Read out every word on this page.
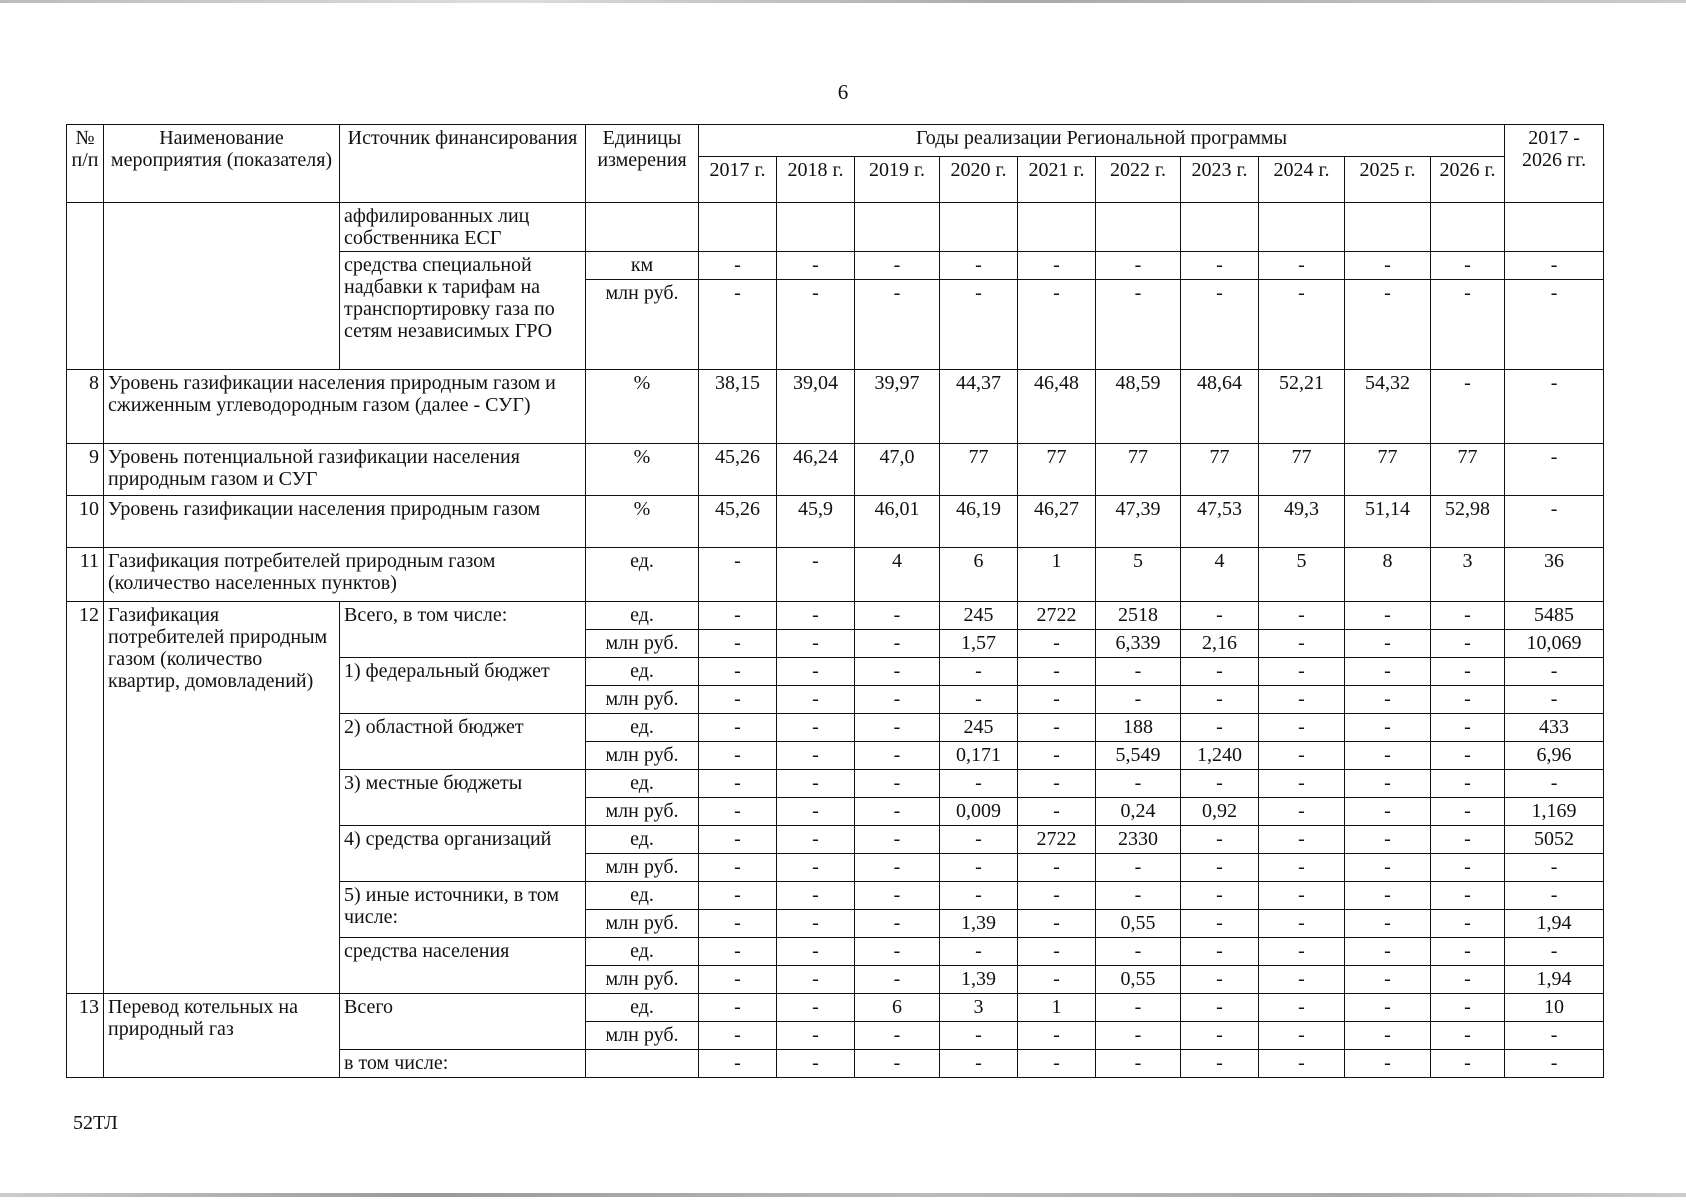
6
№ п/п	Наименование мероприятия (показателя)	Источник финансирования	Единицы измерения	Годы реализации Региональной программы										2017 - 2026 гг.
				2017 г.	2018 г.	2019 г.	2020 г.	2021 г.	2022 г.	2023 г.	2024 г.	2025 г.	2026 г.	
		аффилированных лиц собственника ЕСГ												
		средства специальной надбавки к тарифам на транспортировку газа по сетям независимых ГРО	км	-	-	-	-	-	-	-	-	-	-	-
			млн руб.	-	-	-	-	-	-	-	-	-	-	-
8	Уровень газификации населения природным газом и сжиженным углеводородным газом (далее - СУГ)		%	38,15	39,04	39,97	44,37	46,48	48,59	48,64	52,21	54,32	-	-
9	Уровень потенциальной газификации населения природным газом и СУГ		%	45,26	46,24	47,0	77	77	77	77	77	77	77	-
10	Уровень газификации населения природным газом		%	45,26	45,9	46,01	46,19	46,27	47,39	47,53	49,3	51,14	52,98	-
11	Газификация потребителей природным газом (количество населенных пунктов)		ед.	-	-	4	6	1	5	4	5	8	3	36
12	Газификация потребителей природным газом (количество квартир, домовладений)	Всего, в том числе:	ед.	-	-	-	245	2722	2518	-	-	-	-	5485
			млн руб.	-	-	-	1,57	-	6,339	2,16	-	-	-	10,069
		1) федеральный бюджет	ед.	-	-	-	-	-	-	-	-	-	-	-
			млн руб.	-	-	-	-	-	-	-	-	-	-	-
		2) областной бюджет	ед.	-	-	-	245	-	188	-	-	-	-	433
			млн руб.	-	-	-	0,171	-	5,549	1,240	-	-	-	6,96
		3) местные бюджеты	ед.	-	-	-	-	-	-	-	-	-	-	-
			млн руб.	-	-	-	0,009	-	0,24	0,92	-	-	-	1,169
		4) средства организаций	ед.	-	-	-	-	2722	2330	-	-	-	-	5052
			млн руб.	-	-	-	-	-	-	-	-	-	-	-
		5) иные источники, в том числе:	ед.	-	-	-	-	-	-	-	-	-	-	-
			млн руб.	-	-	-	1,39	-	0,55	-	-	-	-	1,94
		средства населения	ед.	-	-	-	-	-	-	-	-	-	-	-
			млн руб.	-	-	-	1,39	-	0,55	-	-	-	-	1,94
13	Перевод котельных на природный газ	Всего	ед.	-	-	6	3	1	-	-	-	-	-	10
			млн руб.	-	-	-	-	-	-	-	-	-	-	-
		в том числе:		-	-	-	-	-	-	-	-	-	-	-
52ТЛ
